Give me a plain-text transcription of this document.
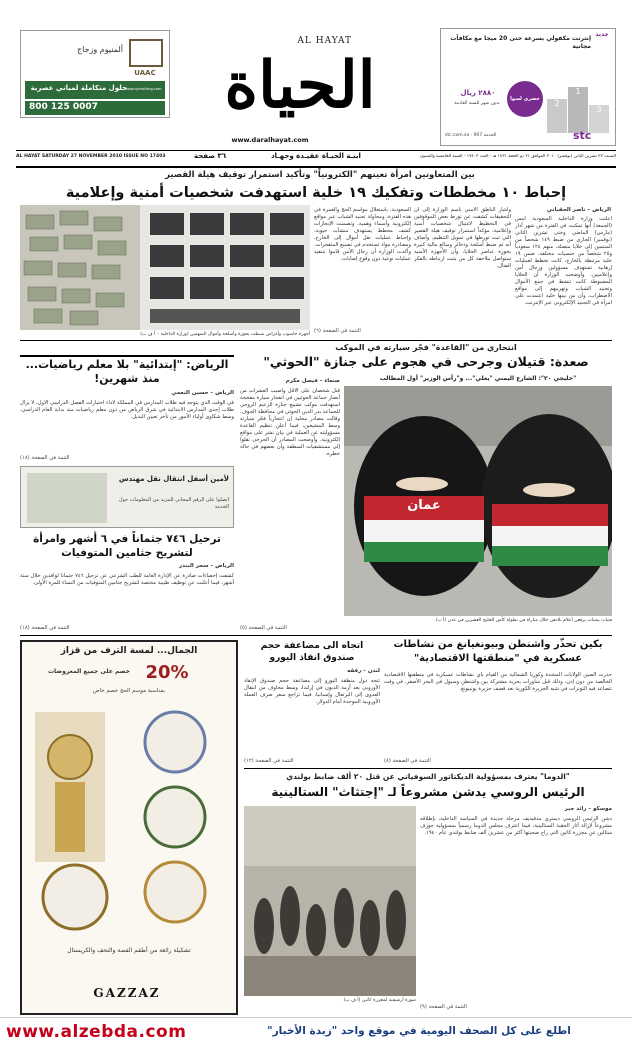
UAAC
ألمنيوم وزجاج
حلول متكاملة لمباني عصرية
www.cprholding.com
800 125 0007
AL HAYAT
الحياة
www.daralhayat.com
جديد
إنترنت مكفولي بسرعة حتى 20 ميجا مع مكافآت مجانية
2
1
3
حصري لسوا
٢٨٨٠ ريال
بدون شهر للسنة القادمة
stc
stc.com.sa - 907 الخدمة
AL HAYAT SATURDAY 27 NOVEMBER 2010 ISSUE NO 17403	ابنـة الحيـاة عقيـدة وجهـاد
٣٦ صفحة	السبت ٢٧ تشرين الثاني (نوفمبر) ٢٠١٠ الموافق ٢١ ذو الحجة ١٤٣١ هـ - العدد ١٧٤٠٣ - السنة الخامسة والستون
بين المتعاونين امرأة تعينهم "الكترونياً" وتأكيد استمرار توقيف هيلة القصير
إحباط ١٠ مخططات وتفكيك ١٩ خلية استهدفت شخصيات أمنية وإعلامية
أجهزة حاسوب وأغراض ضبطت بحوزة وأسلحة وأموال المتهمين (وزارة الداخلية – أ ف ب)
الرياض – ناصر الحقباني
أعلنت وزارة الداخلية السعودية أمس (الجمعة) أنها تمكنت في الفترة من شهر آذار (مارس) الماضي وحتى تشرين الثاني (نوفمبر) الجاري من ضبط ١٤٩ شخصاً من المنتمين إلى خلايا متصلة، منهم ١٢٤ سعودياً و٢٥ شخصاً من جنسيات مختلفة، ضمن ١٩ خلية مرتبطة بالخارج، كانت تخطط لعمليات إرهابية تستهدف مسؤولين ورجال أمن وإعلاميين. وأوضحت الوزارة أن الخلايا المضبوطة كانت تنشط في جمع الأموال وتجنيد الشباب وتهريبهم إلى مواقع الاضطراب، وأن من بينها خلية اعتمدت على امرأة في التجنيد الإلكتروني عبر الإنترنت.
وأشار الناطق الأمني باسم الوزارة إلى أن التحقيقات كشفت عن تورط بعض الموقوفين في التخطيط لاغتيال شخصيات أمنية وإعلامية، مؤكداً استمرار توقيف هيلة القصير التي ثبت تورطها في تمويل التنظيم. وأضاف أنه تم ضبط أسلحة وذخائر ومبالغ مالية كبيرة بحوزة عناصر الخلايا، وأن الأجهزة الأمنية ستواصل ملاحقة كل من يثبت ارتباطه بالفكر الضال.
السعودية، باستغلال مواسم الحج والعمرة في هذه الفترة، ومحاولة تجنيد الشباب عبر مواقع إلكترونية وأسماء وهمية. وتضمنت الإنجازات كشف مخطط يستهدف منشآت حيوية، وإحباط عمليات نقل أموال إلى الخارج، ومصادرة مواد تستخدم في تصنيع المتفجرات. وأكدت الوزارة أن رجال الأمن قاموا بتنفيذ عمليات نوعية دون وقوع إصابات.
التتمة في الصفحة (٦)
انتحاري من "القاعدة" فجّر سيارته في الموكب
صعدة: قتيلان وجرحى في هجوم على جنازة "الحوثي"
"خليجي ٢٠": الشارع اليمني "يغلي"... و"رأس الوزير" أول المطالب
عمان
فتيات يمنيات يرفعن أعلام بلادهن خلال مباراة في بطولة كأس الخليج العشرين في عدن (أ ب)
صنعاء – فيصل مكرم
قتل شخصان على الأقل وأصيب العشرات من أنصار جماعة الحوثيين في انفجار سيارة مفخخة استهدفت موكب تشييع جنازة الزعيم الروحي للجماعة بدر الدين الحوثي في محافظة الجوف. وقالت مصادر محلية إن انتحارياً فجّر سيارته وسط المشيعين، فيما أعلن تنظيم القاعدة مسؤوليته عن العملية في بيان نشر على مواقع إلكترونية. وأوضحت المصادر أن الجرحى نقلوا إلى مستشفيات المنطقة وأن بعضهم في حالة خطرة.
التتمة في الصفحة (٥)
الرياض: "إبتدائية" بلا معلم رياضيات... منذ شهرين!
الرياض – حسين النعمي
في الوقت الذي يتوجه فيه طلاب المدارس في المملكة لأداء اختبارات الفصل الدراسي الأول، لا يزال طلاب إحدى المدارس الابتدائية في شرق الرياض من دون معلم رياضيات منذ بداية العام الدراسي، وسط شكاوى أولياء الأمور من تأخر تعيين البديل.
التتمة في الصفحة (١٨)
لأمين أسفل انتقال نقل مهندس
اتصلوا على الرقم المجاني للمزيد من المعلومات حول الخدمة
ترحيل ٧٤٦ جثماناً في ٦ أشهر وامرأة لتشريح جثامين المتوفيات
الرياض – سحر البندر
كشفت إحصاءات صادرة عن الإدارة العامة للطب الشرعي عن ترحيل ٧٤٦ جثماناً لوافدين خلال ستة أشهر، فيما أعلنت عن توظيف طبيبة مختصة لتشريح جثامين المتوفيات من النساء للمرة الأولى.
التتمة في الصفحة (١٨)
بكين تحذّر واشنطن وبيونغيانغ من نشاطات عسكرية في "منطقتها الاقتصادية"
حذرت الصين الولايات المتحدة وكوريا الشمالية من القيام بأي نشاطات عسكرية في منطقتها الاقتصادية الخالصة من دون إذن، وذلك قبل مناورات بحرية مشتركة بين واشنطن وسيول في البحر الأصفر، في وقت تتصاعد فيه التوترات في شبه الجزيرة الكورية بعد قصف جزيرة يونبيونغ.
التتمة في الصفحة (٨)
اتجاه الى مضاعفة حجم صندوق انقاذ اليورو
لندن – رفقه
تتجه دول منطقة اليورو إلى مضاعفة حجم صندوق الإنقاذ الأوروبي بعد أزمة الديون في إرلندا، وسط مخاوف من انتقال العدوى إلى البرتغال وإسبانيا، فيما تراجع سعر صرف العملة الأوروبية الموحدة أمام الدولار.
التتمة في الصفحة (١٢)
الجمال... لمسة الترف من قزاز
20%
خصم على جميع المعروضات
بمناسبة موسم الحج خصم خاص
تشكيلة رائعة من أطقم الفضة والتحف والكريستال
GAZZAZ
"الدوما" يعترف بمسؤولية الديكتاتور السوفياتي عن قتل ٢٠ ألف ضابط بولندي
الرئيس الروسي يدشن مشروعاً لـ "إجتثاث" الستالينية
موسكو – رائد جبر
دشن الرئيس الروسي ديمتري مدفيديف مرحلة جديدة في السياسة الداخلية، بإطلاقه مشروعاً لإزالة آثار الحقبة الستالينية، فيما اعترف مجلس الدوما رسمياً بمسؤولية جوزف ستالين عن مجزرة كاتين التي راح ضحيتها أكثر من عشرين ألف ضابط بولندي عام ١٩٤٠.
صورة أرشيفية لمجزرة كاتين (أ ف ب)
التتمة في الصفحة (٩)
www.alzebda.com	اطلع على كل الصحف اليومية في موقع واحد "زبدة الأخبار"
